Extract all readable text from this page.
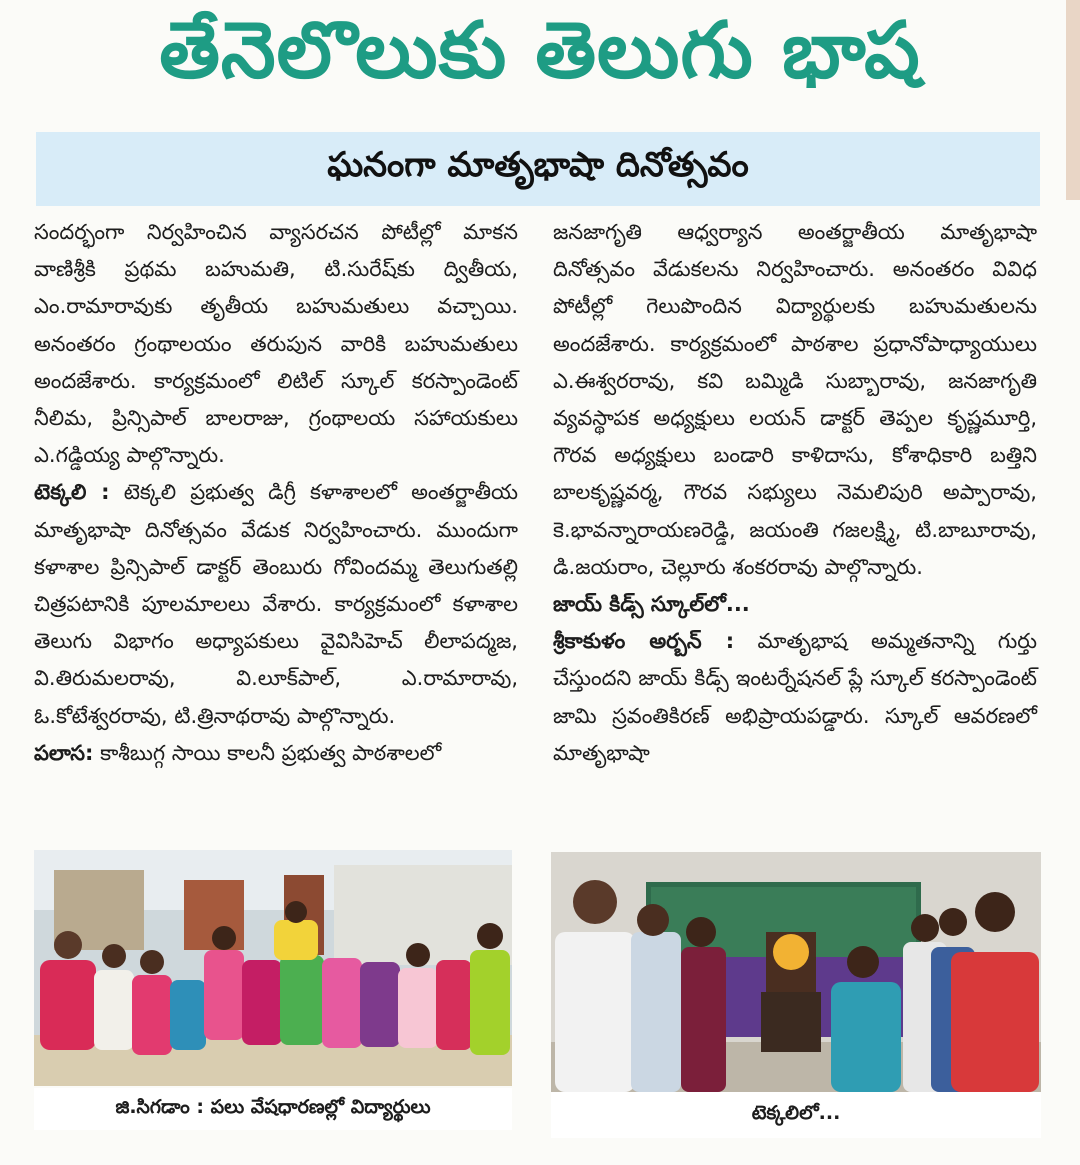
తేనెలొలుకు తెలుగు భాష
ఘనంగా మాతృభాషా దినోత్సవం

సందర్భంగా నిర్వహించిన వ్యాసరచన పోటీల్లో మాకన వాణిశ్రీకి ప్రథమ బహుమతి, టి.సురేష్‌కు ద్వితీయ, ఎం.రామారావుకు తృతీయ బహుమతులు వచ్చాయి. అనంతరం గ్రంథాలయం తరుపున వారికి బహుమతులు అందజేశారు. కార్యక్రమంలో లిటిల్ స్కూల్ కరస్పాండెంట్ నీలిమ, ప్రిన్సిపాల్ బాలరాజు, గ్రంథాలయ సహాయకులు ఎ.గడ్డియ్య పాల్గొన్నారు.

టెక్కలి : టెక్కలి ప్రభుత్వ డిగ్రీ కళాశాలలో అంతర్జాతీయ మాతృభాషా దినోత్సవం వేడుక నిర్వహించారు. ముందుగా కళాశాల ప్రిన్సిపాల్ డాక్టర్ తెంబురు గోవిందమ్మ తెలుగుతల్లి చిత్రపటానికి పూలమాలలు వేశారు. కార్యక్రమంలో కళాశాల తెలుగు విభాగం అధ్యాపకులు వైవిసిహెచ్ లీలాపద్మజ, వి.తిరుమలరావు, వి.లూక్‌పాల్, ఎ.రామారావు, ఓ.కోటేశ్వరరావు, టి.త్రినాథరావు పాల్గొన్నారు.

పలాస: కాశీబుగ్గ సాయి కాలనీ ప్రభుత్వ పాఠశాలలో

జనజాగృతి ఆధ్వర్యాన అంతర్జాతీయ మాతృభాషా దినోత్సవం వేడుకలను నిర్వహించారు. అనంతరం వివిధ పోటీల్లో గెలుపొందిన విద్యార్థులకు బహుమతులను అందజేశారు. కార్యక్రమంలో పాఠశాల ప్రధానోపాధ్యాయులు ఎ.ఈశ్వరరావు, కవి బమ్మిడి సుబ్బారావు, జనజాగృతి వ్యవస్థాపక అధ్యక్షులు లయన్ డాక్టర్ తెప్పల కృష్ణమూర్తి, గౌరవ అధ్యక్షులు బండారి కాళిదాసు, కోశాధికారి బత్తిని బాలకృష్ణవర్మ, గౌరవ సభ్యులు నెమలిపురి అప్పారావు, కె.భావన్నారాయణరెడ్డి, జయంతి గజలక్ష్మి, టి.బాబూరావు, డి.జయరాం, చెల్లూరు శంకరరావు పాల్గొన్నారు.

జాయ్ కిడ్స్ స్కూల్‌లో...

శ్రీకాకుళం అర్బన్ : మాతృభాష అమ్మతనాన్ని గుర్తు చేస్తుందని జాయ్ కిడ్స్ ఇంటర్నేషనల్ ప్లే స్కూల్ కరస్పాండెంట్ జామి స్రవంతికిరణ్ అభిప్రాయపడ్డారు. స్కూల్ ఆవరణలో మాతృభాషా

జి.సిగడాం : పలు వేషధారణల్లో విద్యార్థులు	టెక్కలిలో...
